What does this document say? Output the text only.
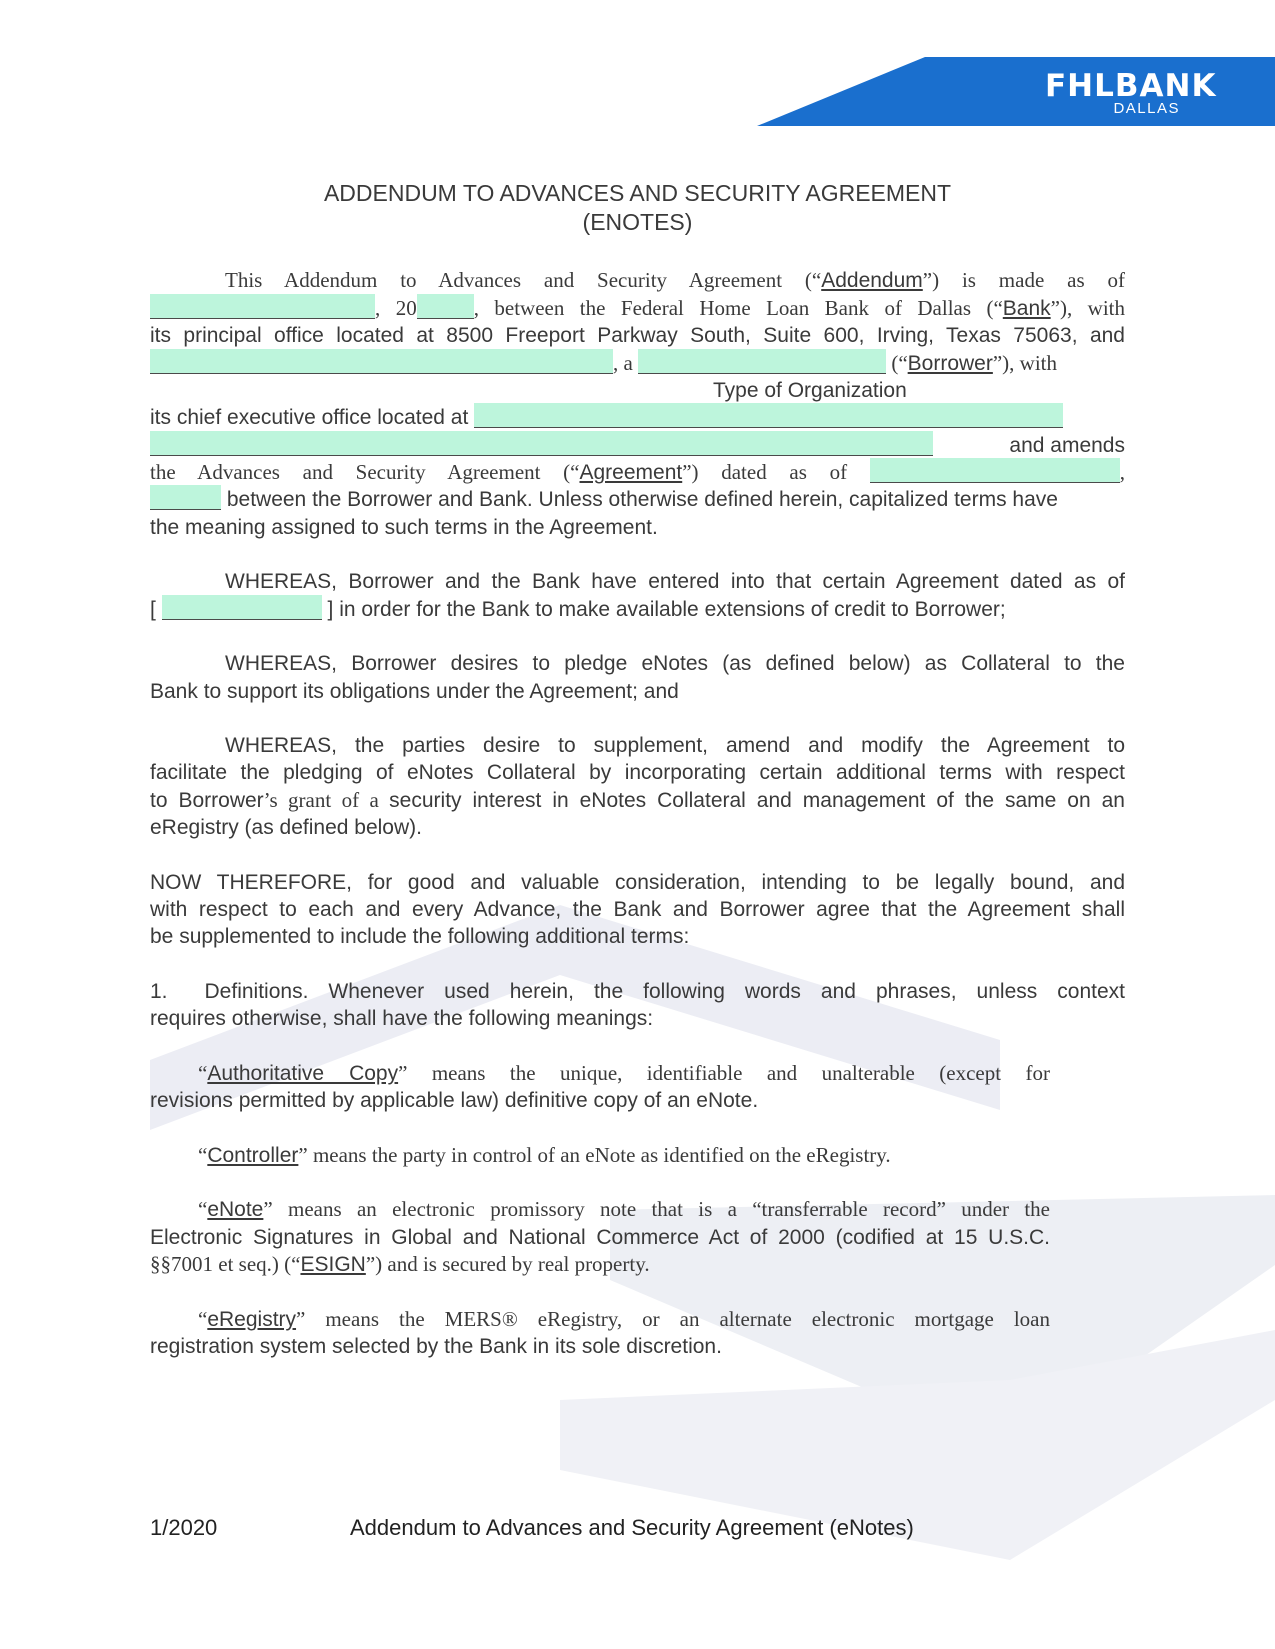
FHLBANK
DALLAS
ADDENDUM TO ADVANCES AND SECURITY AGREEMENT
(ENOTES)
This Addendum to Advances and Security Agreement (“Addendum”) is made as of
, 20	, between the Federal Home Loan Bank of Dallas (“Bank”), with
its principal office located at 8500 Freeport Parkway South, Suite 600, Irving, Texas 75063, and
, a	(“Borrower”), with
Type of Organization
its chief executive office located at
and amends
the Advances and Security Agreement (“Agreement”) dated as of	,
between the Borrower and Bank. Unless otherwise defined herein, capitalized terms have
the meaning assigned to such terms in the Agreement.
WHEREAS, Borrower and the Bank have entered into that certain Agreement dated as of
[	] in order for the Bank to make available extensions of credit to Borrower;
WHEREAS, Borrower desires to pledge eNotes (as defined below) as Collateral to the
Bank to support its obligations under the Agreement; and
WHEREAS, the parties desire to supplement, amend and modify the Agreement to
facilitate the pledging of eNotes Collateral by incorporating certain additional terms with respect
to Borrower’s grant of a security interest in eNotes Collateral and management of the same on an
eRegistry (as defined below).
NOW THEREFORE, for good and valuable consideration, intending to be legally bound, and
with respect to each and every Advance, the Bank and Borrower agree that the Agreement shall
be supplemented to include the following additional terms:
1. Definitions. Whenever used herein, the following words and phrases, unless context
requires otherwise, shall have the following meanings:
“Authoritative Copy” means the unique, identifiable and unalterable (except for
revisions permitted by applicable law) definitive copy of an eNote.
“Controller” means the party in control of an eNote as identified on the eRegistry.
“eNote” means an electronic promissory note that is a “transferrable record” under the
Electronic Signatures in Global and National Commerce Act of 2000 (codified at 15 U.S.C.
§§7001 et seq.) (“ESIGN”) and is secured by real property.
“eRegistry” means the MERS® eRegistry, or an alternate electronic mortgage loan
registration system selected by the Bank in its sole discretion.
1/2020	Addendum to Advances and Security Agreement (eNotes)
